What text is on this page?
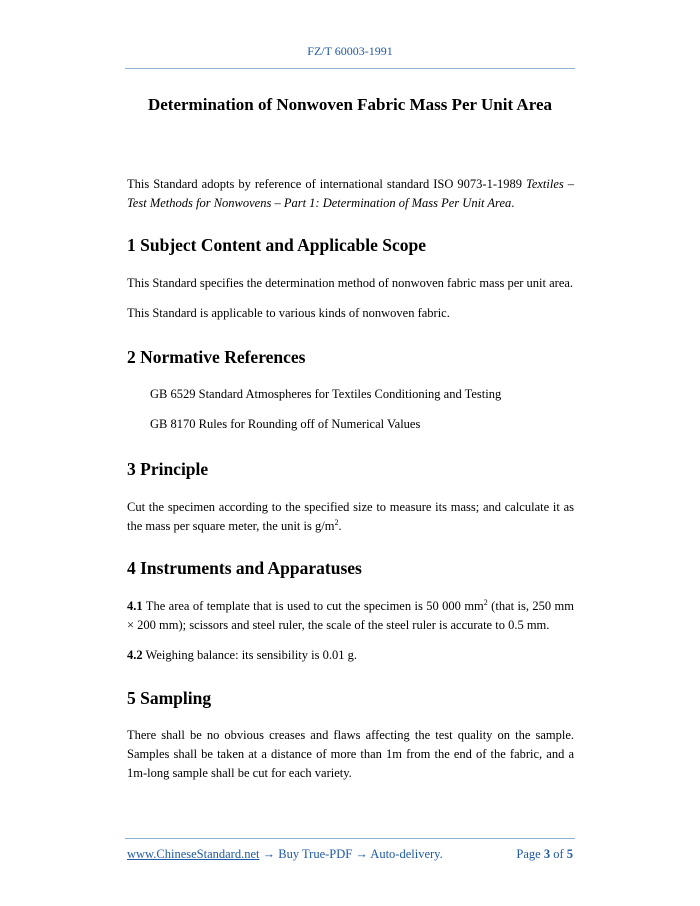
FZ/T 60003-1991
Determination of Nonwoven Fabric Mass Per Unit Area
This Standard adopts by reference of international standard ISO 9073-1-1989 Textiles – Test Methods for Nonwovens – Part 1: Determination of Mass Per Unit Area.
1 Subject Content and Applicable Scope
This Standard specifies the determination method of nonwoven fabric mass per unit area.
This Standard is applicable to various kinds of nonwoven fabric.
2 Normative References
GB 6529 Standard Atmospheres for Textiles Conditioning and Testing
GB 8170 Rules for Rounding off of Numerical Values
3 Principle
Cut the specimen according to the specified size to measure its mass; and calculate it as the mass per square meter, the unit is $g/m^2$.
4 Instruments and Apparatuses
4.1 The area of template that is used to cut the specimen is 50 000 $mm^2$ (that is, 250 mm × 200 mm); scissors and steel ruler, the scale of the steel ruler is accurate to 0.5 mm.
4.2 Weighing balance: its sensibility is 0.01 g.
5 Sampling
There shall be no obvious creases and flaws affecting the test quality on the sample. Samples shall be taken at a distance of more than 1m from the end of the fabric, and a 1m-long sample shall be cut for each variety.
www.ChineseStandard.net → Buy True-PDF → Auto-delivery.	Page 3 of 5
